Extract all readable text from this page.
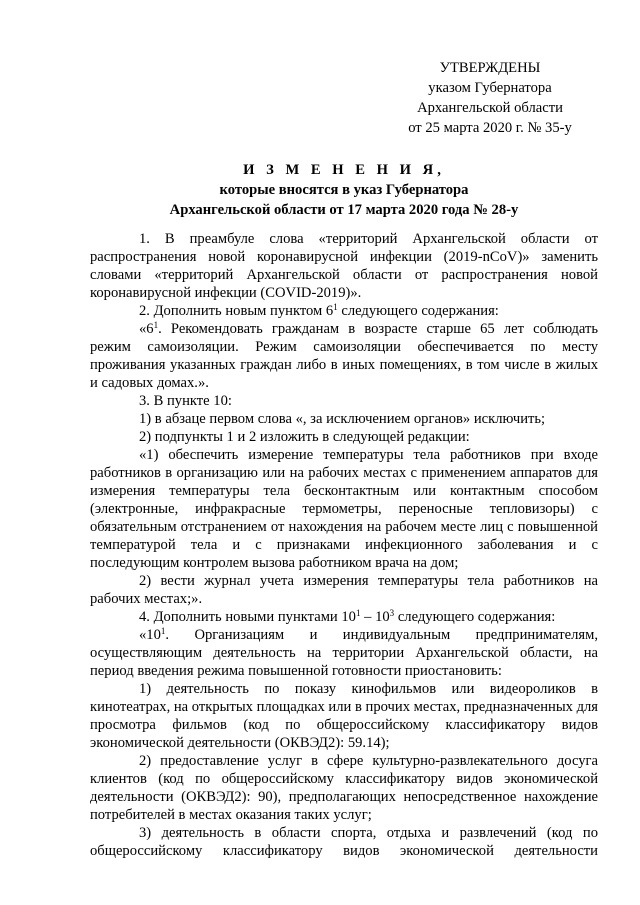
УТВЕРЖДЕНЫ
указом Губернатора
Архангельской области
от 25 марта 2020 г. № 35-у
И З М Е Н Е Н И Я,
которые вносятся в указ Губернатора
Архангельской области от 17 марта 2020 года № 28-у

1. В преамбуле слова «территорий Архангельской области от распространения новой коронавирусной инфекции (2019-nCoV)» заменить словами «территорий Архангельской области от распространения новой коронавирусной инфекции (COVID-2019)».

2. Дополнить новым пунктом $6^1$ следующего содержания:

«$6^1$. Рекомендовать гражданам в возрасте старше 65 лет соблюдать режим самоизоляции. Режим самоизоляции обеспечивается по месту проживания указанных граждан либо в иных помещениях, в том числе в жилых и садовых домах.».

3. В пункте 10:

1) в абзаце первом слова «, за исключением органов» исключить;

2) подпункты 1 и 2 изложить в следующей редакции:

«1) обеспечить измерение температуры тела работников при входе работников в организацию или на рабочих местах с применением аппаратов для измерения температуры тела бесконтактным или контактным способом (электронные, инфракрасные термометры, переносные тепловизоры) с обязательным отстранением от нахождения на рабочем месте лиц с повышенной температурой тела и с признаками инфекционного заболевания и с последующим контролем вызова работником врача на дом;

2) вести журнал учета измерения температуры тела работников на рабочих местах;».

4. Дополнить новыми пунктами $10^1 - 10^3$ следующего содержания:

«$10^1$. Организациям и индивидуальным предпринимателям, осуществляющим деятельность на территории Архангельской области, на период введения режима повышенной готовности приостановить:

1) деятельность по показу кинофильмов или видеороликов в кинотеатрах, на открытых площадках или в прочих местах, предназначенных для просмотра фильмов (код по общероссийскому классификатору видов экономической деятельности (ОКВЭД2): 59.14);

2) предоставление услуг в сфере культурно-развлекательного досуга клиентов (код по общероссийскому классификатору видов экономической деятельности (ОКВЭД2): 90), предполагающих непосредственное нахождение потребителей в местах оказания таких услуг;

3) деятельность в области спорта, отдыха и развлечений (код по общероссийскому классификатору видов экономической деятельности
